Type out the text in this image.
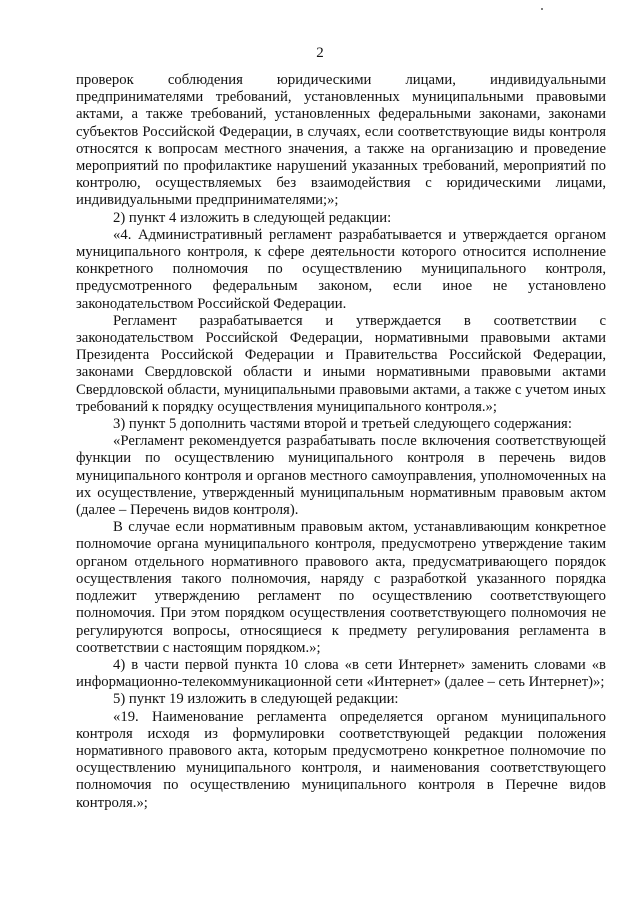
2

проверок соблюдения юридическими лицами, индивидуальными предпринимателями требований, установленных муниципальными правовыми актами, а также требований, установленных федеральными законами, законами субъектов Российской Федерации, в случаях, если соответствующие виды контроля относятся к вопросам местного значения, а также на организацию и проведение мероприятий по профилактике нарушений указанных требований, мероприятий по контролю, осуществляемых без взаимодействия с юридическими лицами, индивидуальными предпринимателями;»;

2) пункт 4 изложить в следующей редакции:

«4. Административный регламент разрабатывается и утверждается органом муниципального контроля, к сфере деятельности которого относится исполнение конкретного полномочия по осуществлению муниципального контроля, предусмотренного федеральным законом, если иное не установлено законодательством Российской Федерации.

Регламент разрабатывается и утверждается в соответствии с законодательством Российской Федерации, нормативными правовыми актами Президента Российской Федерации и Правительства Российской Федерации, законами Свердловской области и иными нормативными правовыми актами Свердловской области, муниципальными правовыми актами, а также с учетом иных требований к порядку осуществления муниципального контроля.»;

3) пункт 5 дополнить частями второй и третьей следующего содержания:

«Регламент рекомендуется разрабатывать после включения соответствующей функции по осуществлению муниципального контроля в перечень видов муниципального контроля и органов местного самоуправления, уполномоченных на их осуществление, утвержденный муниципальным нормативным правовым актом (далее – Перечень видов контроля).

В случае если нормативным правовым актом, устанавливающим конкретное полномочие органа муниципального контроля, предусмотрено утверждение таким органом отдельного нормативного правового акта, предусматривающего порядок осуществления такого полномочия, наряду с разработкой указанного порядка подлежит утверждению регламент по осуществлению соответствующего полномочия. При этом порядком осуществления соответствующего полномочия не регулируются вопросы, относящиеся к предмету регулирования регламента в соответствии с настоящим порядком.»;

4) в части первой пункта 10 слова «в сети Интернет» заменить словами «в информационно-телекоммуникационной сети «Интернет» (далее – сеть Интернет)»;

5) пункт 19 изложить в следующей редакции:

«19. Наименование регламента определяется органом муниципального контроля исходя из формулировки соответствующей редакции положения нормативного правового акта, которым предусмотрено конкретное полномочие по осуществлению муниципального контроля, и наименования соответствующего полномочия по осуществлению муниципального контроля в Перечне видов контроля.»;
